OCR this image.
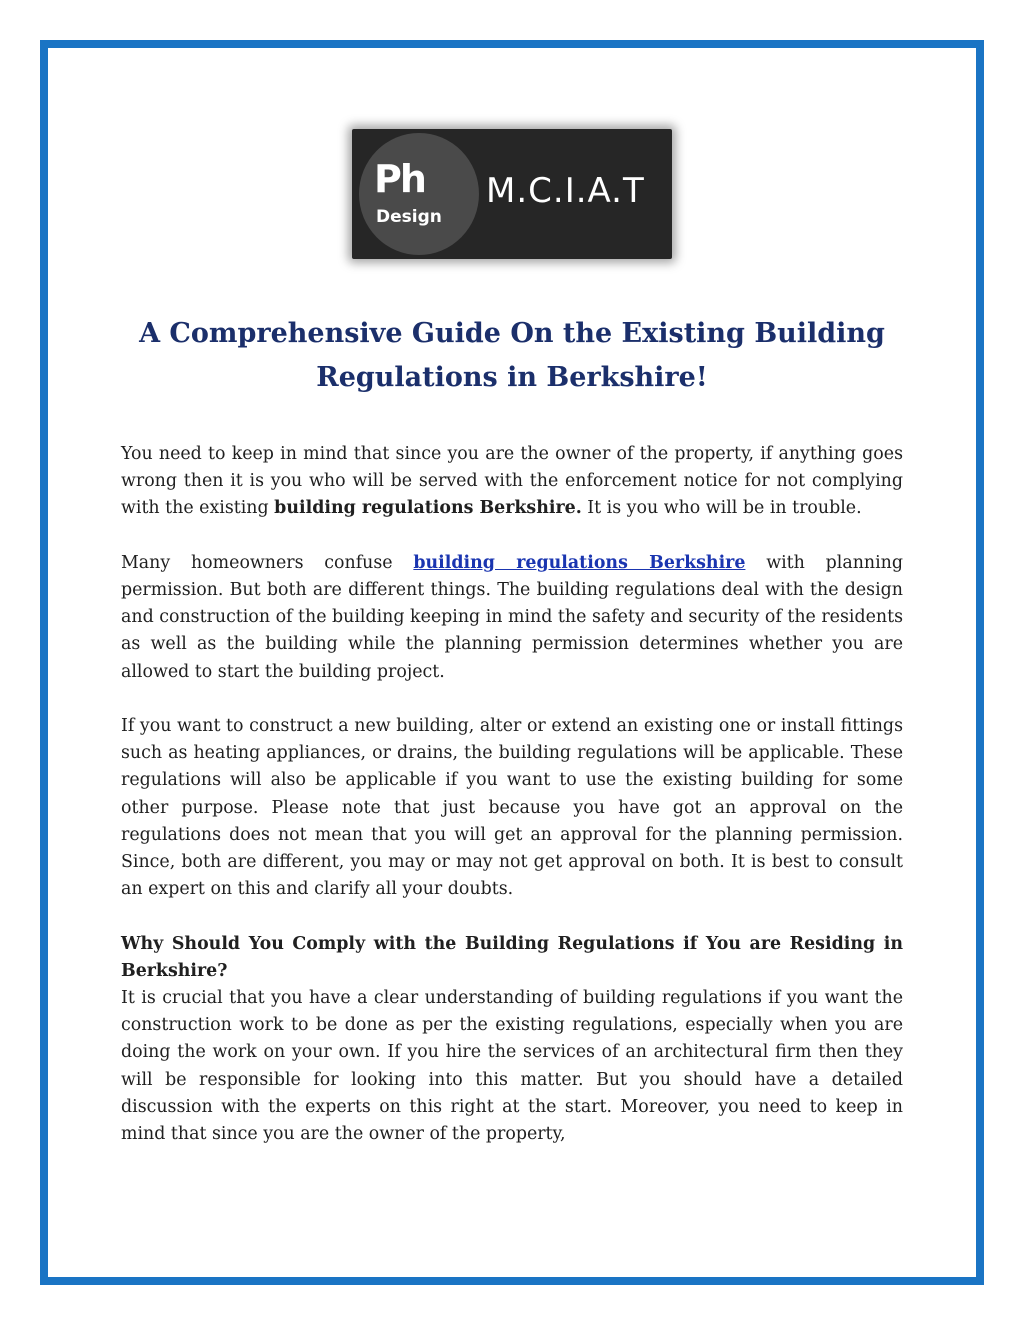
Ph
Design
M.C.I.A.T
A Comprehensive Guide On the Existing Building Regulations in Berkshire!

You need to keep in mind that since you are the owner of the property, if anything goes wrong then it is you who will be served with the enforcement notice for not complying with the existing building regulations Berkshire. It is you who will be in trouble.

Many homeowners confuse building regulations Berkshire with planning permission. But both are different things. The building regulations deal with the design and construction of the building keeping in mind the safety and security of the residents as well as the building while the planning permission determines whether you are allowed to start the building project.

If you want to construct a new building, alter or extend an existing one or install fittings such as heating appliances, or drains, the building regulations will be applicable. These regulations will also be applicable if you want to use the existing building for some other purpose. Please note that just because you have got an approval on the regulations does not mean that you will get an approval for the planning permission. Since, both are different, you may or may not get approval on both. It is best to consult an expert on this and clarify all your doubts.

Why Should You Comply with the Building Regulations if You are Residing in Berkshire?

It is crucial that you have a clear understanding of building regulations if you want the construction work to be done as per the existing regulations, especially when you are doing the work on your own. If you hire the services of an architectural firm then they will be responsible for looking into this matter. But you should have a detailed discussion with the experts on this right at the start. Moreover, you need to keep in mind that since you are the owner of the property,
